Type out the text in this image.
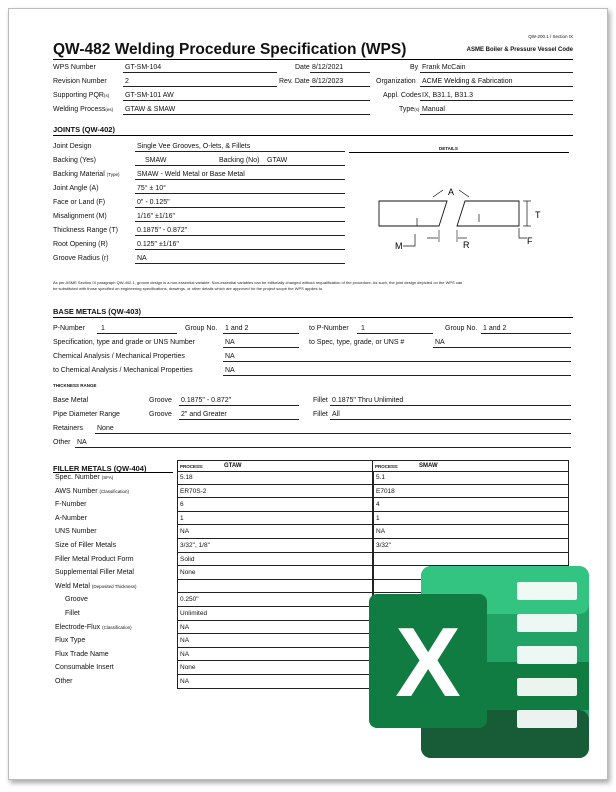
QW-200.1 / Section IX
QW-482 Welding Procedure Specification (WPS)	ASME Boiler & Pressure Vessel Code
WPS Number	GT-SM-104	Date 8/12/2021	By Frank McCain
Revision Number	2	Rev. Date 8/12/2023	Organization ACME Welding & Fabrication
Supporting PQR(s) GT-SM-101 AW	Appl. Codes IX, B31.1, B31.3
Welding Process(es) GTAW & SMAW	Type(s) Manual
JOINTS (QW-402)
Joint Design	Single Vee Grooves, O-lets, & Fillets	DETAILS
Backing (Yes)	SMAW	Backing (No) GTAW
Backing Material (Type)	SMAW - Weld Metal or Base Metal
Joint Angle (A)	75° ± 10°
Face or Land (F)	0" - 0.125"
Misalignment (M)	1/16" ±1/16"
Thickness Range (T)	0.1875" - 0.872"
Root Opening (R)	0.125" ±1/16"
Groove Radius (r)	NA
A
T
M	R	F
As per ASME Section IX paragraph QW-402.1, groove design is a non-essential variable. Non-essential variables can be editorially changed without requalification of the procedure. As such, the joint design depicted on the WPS can
be substituted with those specified on engineering specifications, drawings, or other details which are approved for the project scope the WPS applies to.
BASE METALS (QW-403)
P-Number 1	Group No. 1 and 2	to P-Number 1	Group No. 1 and 2
Specification, type and grade or UNS Number	NA	to Spec, type, grade, or UNS #	NA
Chemical Analysis / Mechanical Properties	NA
to Chemical Analysis / Mechanical Properties	NA
THICKNESS RANGE
Base Metal	Groove 0.1875" - 0.872"	Fillet 0.1875" Thru Unlimited
Pipe Diameter Range	Groove 2" and Greater	Fillet All
Retainers None
Other NA
FILLER METALS (QW-404)	PROCESS:	GTAW	PROCESS:	SMAW
Spec. Number (SFA)	5.18	5.1
AWS Number (Classification)	ER70S-2	E7018
F-Number	6	4
A-Number	1	1
UNS Number	NA	NA
Size of Filler Metals	3/32", 1/8"	3/32"
Filler Metal Product Form	Solid
Supplemental Filler Metal	None
Weld Metal (Deposited Thickness)
Groove	0.250"
Fillet	Unlimited
Electrode-Flux (Classification)	NA
Flux Type	NA
Flux Trade Name	NA
Consumable Insert	None
Other	NA	X
